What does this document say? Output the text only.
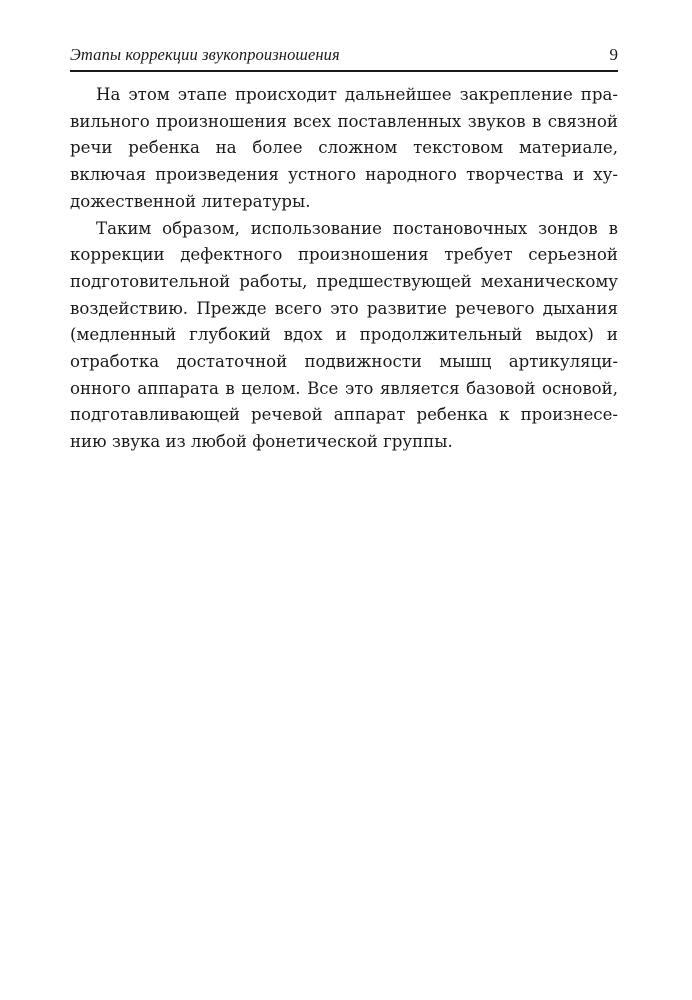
Этапы коррекции звукопроизношения	9

На этом этапе происходит дальнейшее закрепление правильного произношения всех поставленных звуков в связной речи ребенка на более сложном текстовом материале, включая произведения устного народного творчества и художественной литературы.

Таким образом, использование постановочных зондов в коррекции дефектного произношения требует серьезной подготовительной работы, предшествующей механическому воздействию. Прежде всего это развитие речевого дыхания (медленный глубокий вдох и продолжительный выдох) и отработка достаточной подвижности мышц артикуляционного аппарата в целом. Все это является базовой основой, подготавливающей речевой аппарат ребенка к произнесению звука из любой фонетической группы.
